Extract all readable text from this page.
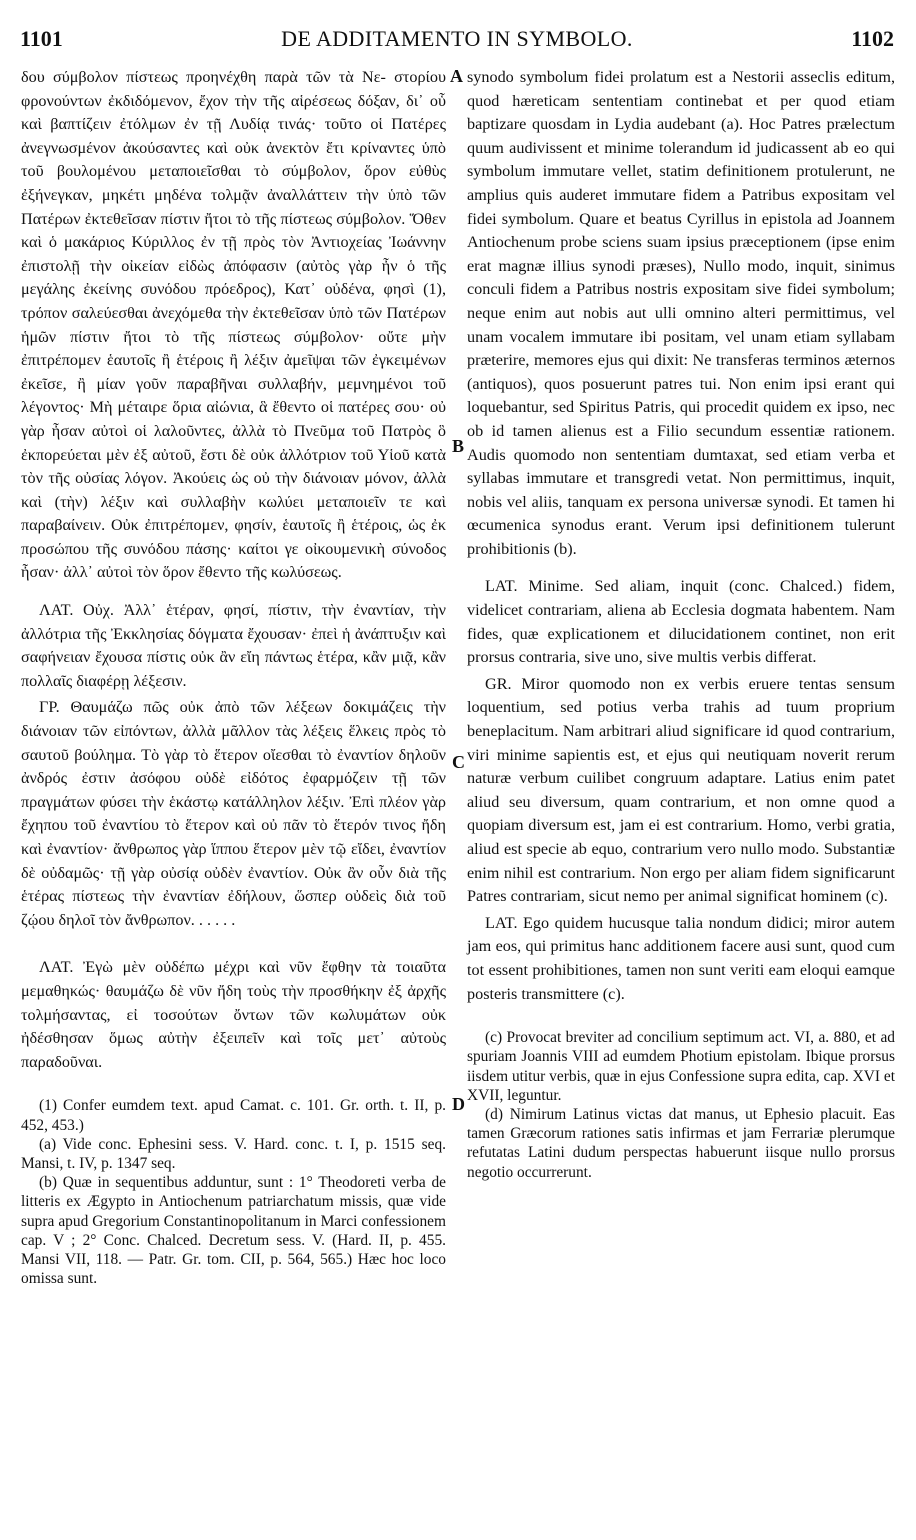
1101	DE ADDITAMENTO IN SYMBOLO.	1102
A
B
C
D

δου σύμβολον πίστεως προηνέχθη παρὰ τῶν τὰ Νε- στορίου φρονούντων ἐκδιδόμενον, ἔχον τὴν τῆς αἱρέσεως δόξαν, δι᾽ οὗ καὶ βαπτίζειν ἐτόλμων ἐν τῇ Λυδίᾳ τινάς· τοῦτο οἱ Πατέρες ἀνεγνωσμένον ἀκούσαντες καὶ οὐκ ἀνεκτὸν ἔτι κρίναντες ὑπὸ τοῦ βουλομένου μεταποιεῖσθαι τὸ σύμβολον, ὅρον εὐθὺς ἐξήνεγκαν, μηκέτι μηδένα τολμᾷν ἀναλλάττειν τὴν ὑπὸ τῶν Πατέρων ἐκτεθεῖσαν πίστιν ἤτοι τὸ τῆς πίστεως σύμβολον. Ὅθεν καὶ ὁ μακάριος Κύριλλος ἐν τῇ πρὸς τὸν Ἀντιοχείας Ἰωάννην ἐπιστολῇ τὴν οἰκείαν εἰδὼς ἀπόφασιν (αὐτὸς γὰρ ἦν ὁ τῆς μεγάλης ἐκείνης συνόδου πρόεδρος), Κατ᾽ οὐδένα, φησὶ (1), τρόπον σαλεύεσθαι ἀνεχόμεθα τὴν ἐκτεθεῖσαν ὑπὸ τῶν Πατέρων ἡμῶν πίστιν ἤτοι τὸ τῆς πίστεως σύμβολον· οὔτε μὴν ἐπιτρέπομεν ἑαυτοῖς ἢ ἑτέροις ἢ λέξιν ἀμεῖψαι τῶν ἐγκειμένων ἐκεῖσε, ἢ μίαν γοῦν παραβῆναι συλλαβήν, μεμνημένοι τοῦ λέγοντος· Μὴ μέταιρε ὅρια αἰώνια, ἃ ἔθεντο οἱ πατέρες σου· οὐ γὰρ ἦσαν αὐτοὶ οἱ λαλοῦντες, ἀλλὰ τὸ Πνεῦμα τοῦ Πατρὸς ὃ ἐκπορεύεται μὲν ἐξ αὐτοῦ, ἔστι δὲ οὐκ ἀλλότριον τοῦ Υἱοῦ κατὰ τὸν τῆς οὐσίας λόγον. Ἀκούεις ὡς οὐ τὴν διάνοιαν μόνον, ἀλλὰ καὶ (τὴν) λέξιν καὶ συλλαβὴν κωλύει μεταποιεῖν τε καὶ παραβαίνειν. Οὐκ ἐπιτρέπομεν, φησίν, ἑαυτοῖς ἢ ἑτέροις, ὡς ἐκ προσώπου τῆς συνόδου πάσης· καίτοι γε οἰκουμενικὴ σύνοδος ἦσαν· ἀλλ᾽ αὐτοὶ τὸν ὅρον ἔθεντο τῆς κωλύσεως.

ΛΑΤ. Οὐχ. Ἀλλ᾽ ἑτέραν, φησί, πίστιν, τὴν ἐναντίαν, τὴν ἀλλότρια τῆς Ἐκκλησίας δόγματα ἔχουσαν· ἐπεὶ ἡ ἀνάπτυξιν καὶ σαφήνειαν ἔχουσα πίστις οὐκ ἂν εἴη πάντως ἑτέρα, κἂν μιᾷ, κἂν πολλαῖς διαφέρῃ λέξεσιν.

ΓΡ. Θαυμάζω πῶς οὐκ ἀπὸ τῶν λέξεων δοκιμάζεις τὴν διάνοιαν τῶν εἰπόντων, ἀλλὰ μᾶλλον τὰς λέξεις ἕλκεις πρὸς τὸ σαυτοῦ βούλημα. Τὸ γὰρ τὸ ἕτερον οἴεσθαι τὸ ἐναντίον δηλοῦν ἀνδρός ἐστιν ἀσόφου οὐδὲ εἰδότος ἐφαρμόζειν τῇ τῶν πραγμάτων φύσει τὴν ἑκάστῳ κατάλληλον λέξιν. Ἐπὶ πλέον γὰρ ἔχηπου τοῦ ἐναντίου τὸ ἕτερον καὶ οὐ πᾶν τὸ ἕτερόν τινος ἤδη καὶ ἐναντίον· ἄνθρωπος γὰρ ἵππου ἕτερον μὲν τῷ εἴδει, ἐναντίον δὲ οὐδαμῶς· τῇ γὰρ οὐσίᾳ οὐδὲν ἐναντίον. Οὐκ ἂν οὖν διὰ τῆς ἑτέρας πίστεως τὴν ἐναντίαν ἐδήλουν, ὥσπερ οὐδεὶς διὰ τοῦ ζῴου δηλοῖ τὸν ἄνθρωπον. . . . . .

ΛΑΤ. Ἐγὼ μὲν οὐδέπω μέχρι καὶ νῦν ἔφθην τὰ τοιαῦτα μεμαθηκώς· θαυμάζω δὲ νῦν ἤδη τοὺς τὴν προσθήκην ἐξ ἀρχῆς τολμήσαντας, εἰ τοσούτων ὄντων τῶν κωλυμάτων οὐκ ἠδέσθησαν ὅμως αὐτὴν ἐξειπεῖν καὶ τοῖς μετ᾽ αὐτοὺς παραδοῦναι.

(1) Confer eumdem text. apud Camat. c. 101. Gr. orth. t. II, p. 452, 453.)

(a) Vide conc. Ephesini sess. V. Hard. conc. t. I, p. 1515 seq. Mansi, t. IV, p. 1347 seq.

(b) Quæ in sequentibus adduntur, sunt : 1° Theodoreti verba de litteris ex Ægypto in Antiochenum patriarchatum missis, quæ vide supra apud Gregorium Constantinopolitanum in Marci confessionem cap. V ; 2° Conc. Chalced. Decretum sess. V. (Hard. II, p. 455. Mansi VII, 118. — Patr. Gr. tom. CII, p. 564, 565.) Hæc hoc loco omissa sunt.

synodo symbolum fidei prolatum est a Nestorii asseclis editum, quod hæreticam sententiam continebat et per quod etiam baptizare quosdam in Lydia audebant (a). Hoc Patres prælectum quum audivissent et minime tolerandum id judicassent ab eo qui symbolum immutare vellet, statim definitionem protulerunt, ne amplius quis auderet immutare fidem a Patribus expositam vel fidei symbolum. Quare et beatus Cyrillus in epistola ad Joannem Antiochenum probe sciens suam ipsius præceptionem (ipse enim erat magnæ illius synodi præses), Nullo modo, inquit, sinimus conculi fidem a Patribus nostris expositam sive fidei symbolum; neque enim aut nobis aut ulli omnino alteri permittimus, vel unam vocalem immutare ibi positam, vel unam etiam syllabam præterire, memores ejus qui dixit: Ne transferas terminos æternos (antiquos), quos posuerunt patres tui. Non enim ipsi erant qui loquebantur, sed Spiritus Patris, qui procedit quidem ex ipso, nec ob id tamen alienus est a Filio secundum essentiæ rationem. Audis quomodo non sententiam dumtaxat, sed etiam verba et syllabas immutare et transgredi vetat. Non permittimus, inquit, nobis vel aliis, tanquam ex persona universæ synodi. Et tamen hi œcumenica synodus erant. Verum ipsi definitionem tulerunt prohibitionis (b).

LAT. Minime. Sed aliam, inquit (conc. Chalced.) fidem, videlicet contrariam, aliena ab Ecclesia dogmata habentem. Nam fides, quæ explicationem et dilucidationem continet, non erit prorsus contraria, sive uno, sive multis verbis differat.

GR. Miror quomodo non ex verbis eruere tentas sensum loquentium, sed potius verba trahis ad tuum proprium beneplacitum. Nam arbitrari aliud significare id quod contrarium, viri minime sapientis est, et ejus qui neutiquam noverit rerum naturæ verbum cuilibet congruum adaptare. Latius enim patet aliud seu diversum, quam contrarium, et non omne quod a quopiam diversum est, jam ei est contrarium. Homo, verbi gratia, aliud est specie ab equo, contrarium vero nullo modo. Substantiæ enim nihil est contrarium. Non ergo per aliam fidem significarunt Patres contrariam, sicut nemo per animal significat hominem (c).

LAT. Ego quidem hucusque talia nondum didici; miror autem jam eos, qui primitus hanc additionem facere ausi sunt, quod cum tot essent prohibitiones, tamen non sunt veriti eam eloqui eamque posteris transmittere (c).

(c) Provocat breviter ad concilium septimum act. VI, a. 880, et ad spuriam Joannis VIII ad eumdem Photium epistolam. Ibique prorsus iisdem utitur verbis, quæ in ejus Confessione supra edita, cap. XVI et XVII, leguntur.

(d) Nimirum Latinus victas dat manus, ut Ephesio placuit. Eas tamen Græcorum rationes satis infirmas et jam Ferrariæ plerumque refutatas Latini dudum perspectas habuerunt iisque nullo prorsus negotio occurrerunt.
